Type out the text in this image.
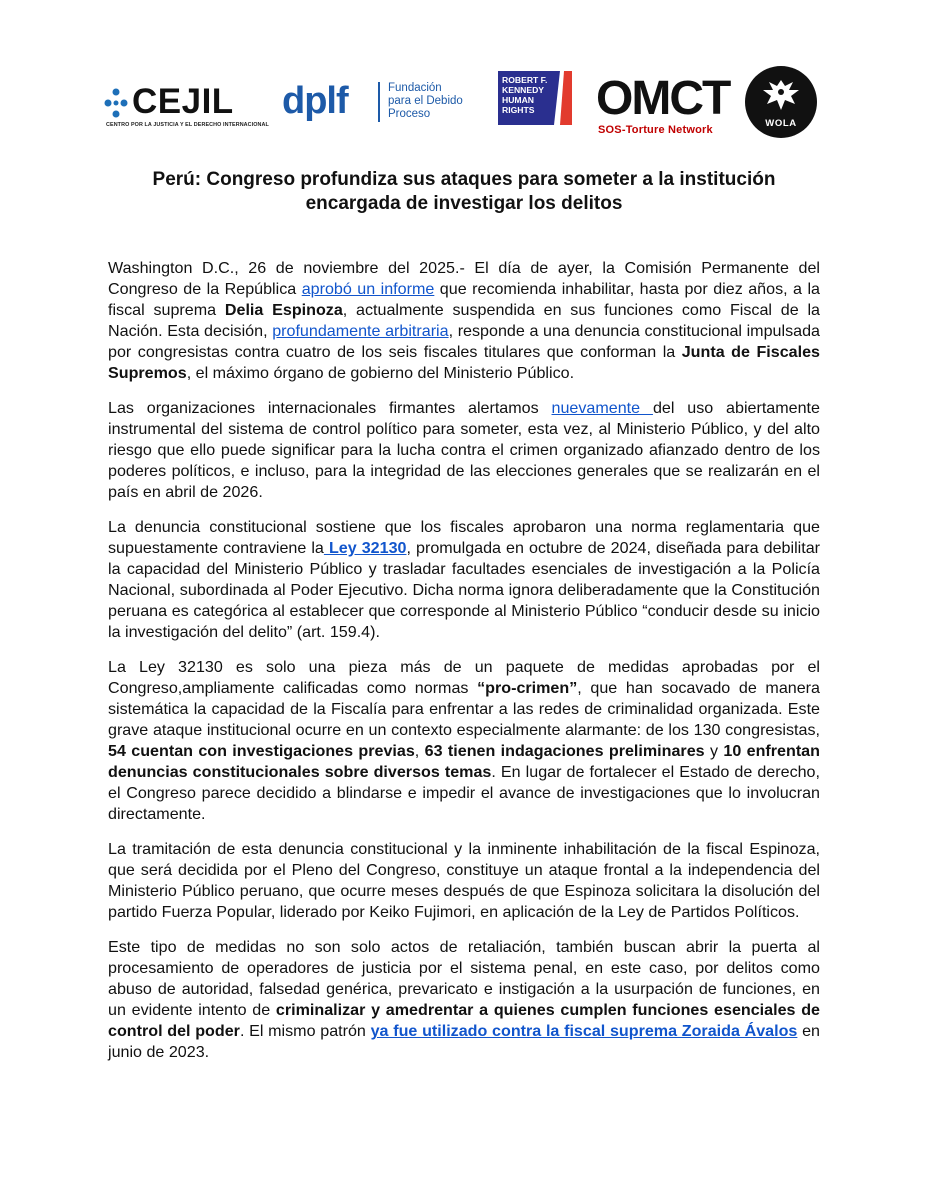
CEJIL
CENTRO POR LA JUSTICIA Y EL DERECHO INTERNACIONAL
dplf	Fundación
para el Debido
Proceso
ROBERT F.
KENNEDY
HUMAN
RIGHTS OMCT
SOS-Torture Network
WOLA
Perú: Congreso profundiza sus ataques para someter a la institución encargada de investigar los delitos

Washington D.C., 26 de noviembre del 2025.- El día de ayer, la Comisión Permanente del Congreso de la República aprobó un informe que recomienda inhabilitar, hasta por diez años, a la fiscal suprema Delia Espinoza, actualmente suspendida en sus funciones como Fiscal de la Nación. Esta decisión, profundamente arbitraria, responde a una denuncia constitucional impulsada por congresistas contra cuatro de los seis fiscales titulares que conforman la Junta de Fiscales Supremos, el máximo órgano de gobierno del Ministerio Público.

Las organizaciones internacionales firmantes alertamos nuevamente del uso abiertamente instrumental del sistema de control político para someter, esta vez, al Ministerio Público, y del alto riesgo que ello puede significar para la lucha contra el crimen organizado afianzado dentro de los poderes políticos, e incluso, para la integridad de las elecciones generales que se realizarán en el país en abril de 2026.

La denuncia constitucional sostiene que los fiscales aprobaron una norma reglamentaria que supuestamente contraviene la Ley 32130, promulgada en octubre de 2024, diseñada para debilitar la capacidad del Ministerio Público y trasladar facultades esenciales de investigación a la Policía Nacional, subordinada al Poder Ejecutivo. Dicha norma ignora deliberadamente que la Constitución peruana es categórica al establecer que corresponde al Ministerio Público “conducir desde su inicio la investigación del delito” (art. 159.4).

La Ley 32130 es solo una pieza más de un paquete de medidas aprobadas por el Congreso,ampliamente calificadas como normas “pro-crimen”, que han socavado de manera sistemática la capacidad de la Fiscalía para enfrentar a las redes de criminalidad organizada. Este grave ataque institucional ocurre en un contexto especialmente alarmante: de los 130 congresistas, 54 cuentan con investigaciones previas, 63 tienen indagaciones preliminares y 10 enfrentan denuncias constitucionales sobre diversos temas. En lugar de fortalecer el Estado de derecho, el Congreso parece decidido a blindarse e impedir el avance de investigaciones que lo involucran directamente.

La tramitación de esta denuncia constitucional y la inminente inhabilitación de la fiscal Espinoza, que será decidida por el Pleno del Congreso, constituye un ataque frontal a la independencia del Ministerio Público peruano, que ocurre meses después de que Espinoza solicitara la disolución del partido Fuerza Popular, liderado por Keiko Fujimori, en aplicación de la Ley de Partidos Políticos.

Este tipo de medidas no son solo actos de retaliación, también buscan abrir la puerta al procesamiento de operadores de justicia por el sistema penal, en este caso, por delitos como abuso de autoridad, falsedad genérica, prevaricato e instigación a la usurpación de funciones, en un evidente intento de criminalizar y amedrentar a quienes cumplen funciones esenciales de control del poder. El mismo patrón ya fue utilizado contra la fiscal suprema Zoraida Ávalos en junio de 2023.
